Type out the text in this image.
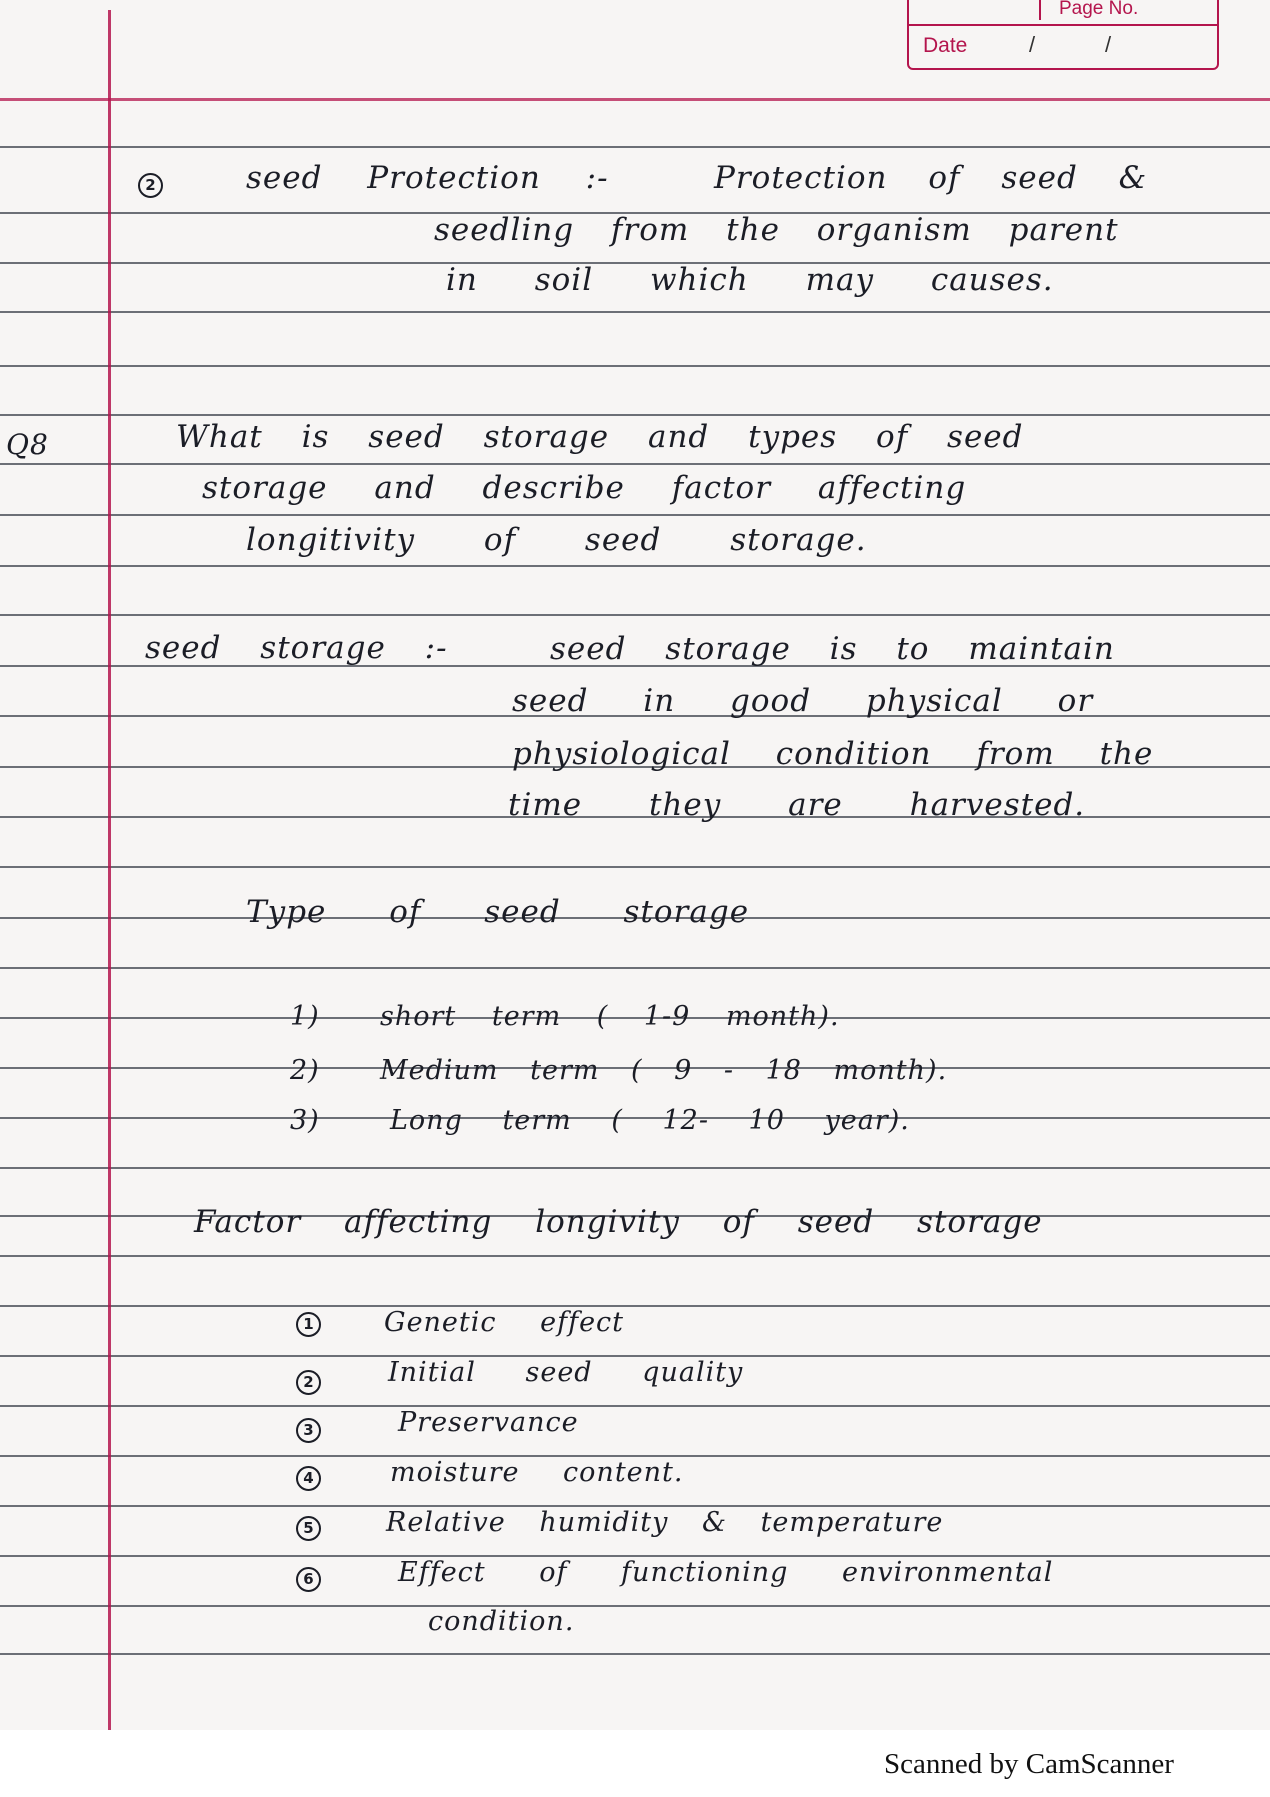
Page No.
Date	/	/
2	seed Protection :-	Protection of seed &
seedling from the organism parent
in soil which may causes.
Q8	What is seed storage and types of seed
storage and describe factor affecting
longitivity of seed storage.
seed storage :-	seed storage is to maintain
seed in good physical or
physiological condition from the
time they are harvested.
Type of seed storage
1) short term ( 1-9 month).
2) Medium term ( 9 - 18 month).
3)	Long term ( 12- 10 year).
Factor affecting longivity of seed storage
1	Genetic effect
2	Initial seed quality
3	Preservance
4	moisture content.
5	Relative humidity & temperature
6	Effect of functioning environmental
condition.
Scanned by CamScanner
